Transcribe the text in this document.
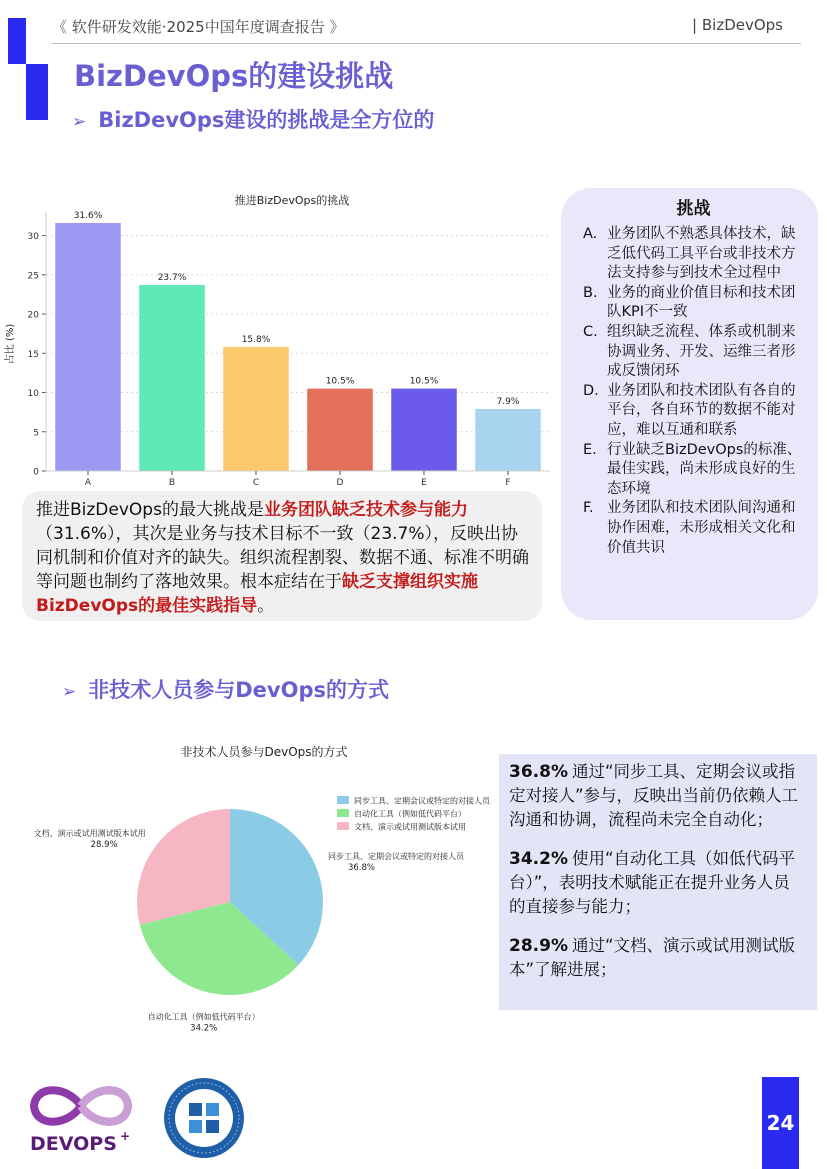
《 软件研发效能·2025中国年度调查报告 》	| BizDevOps
BizDevOps的建设挑战
➢ BizDevOps建设的挑战是全方位的
推进BizDevOps的挑战
占比 (%)
31.6%
23.7%
15.8%
10.5%	10.5%
7.9%
0
5
10
15
20
25
30
A	B	C	D	E	F
推进BizDevOps的最大挑战是业务团队缺乏技术参与能力（31.6%），其次是业务与技术目标不一致（23.7%），反映出协同机制和价值对齐的缺失。组织流程割裂、数据不通、标准不明确等问题也制约了落地效果。根本症结在于缺乏支撑组织实施BizDevOps的最佳实践指导。
挑战
A. 业务团队不熟悉具体技术，缺乏低代码工具平台或非技术方法支持参与到技术全过程中
B. 业务的商业价值目标和技术团队KPI不一致
C. 组织缺乏流程、体系或机制来协调业务、开发、运维三者形成反馈闭环
D. 业务团队和技术团队有各自的平台，各自环节的数据不能对应，难以互通和联系
E. 行业缺乏BizDevOps的标准、最佳实践，尚未形成良好的生态环境
F. 业务团队和技术团队间沟通和协作困难，未形成相关文化和价值共识
➢ 非技术人员参与DevOps的方式
非技术人员参与DevOps的方式
同步工具、定期会议或特定的对接人员
36.8%
自动化工具（例如低代码平台）
34.2%
文档、演示或试用测试版本试用
28.9%
同步工具、定期会议或特定的对接人员
自动化工具（例如低代码平台）
文档、演示或试用测试版本试用
36.8% 通过“同步工具、定期会议或指定对接人”参与，反映出当前仍依赖人工沟通和协调，流程尚未完全自动化；
34.2% 使用“自动化工具（如低代码平台）”，表明技术赋能正在提升业务人员的直接参与能力；
28.9% 通过“文档、演示或试用测试版本”了解进展；
DEVOPS +
24
